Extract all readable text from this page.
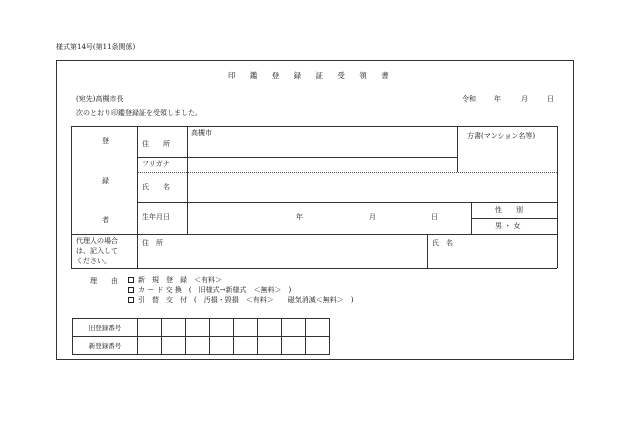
様式第14号(第11条関係)
印 鑑 登 録 証 受 領 書
(宛先)高槻市長	令和	年	月	日
次のとおり印鑑登録証を受領しました。
登
録
者
住　　所
高槻市	方書(マンション名等)
フリガナ
氏　　名
生年月日	年	月	日
性　　別
男 ・ 女
代理人の場合
は、記入して
ください。
住　所	氏　名
理　　由	新　規　登　録　＜有料＞
カ ー ド 交 換　(　旧様式→新様式　＜無料＞　)
引　替　交　付　(　汚損・毀損　＜有料＞　　磁気消滅＜無料＞　)
旧登録番号								
新登録番号								
